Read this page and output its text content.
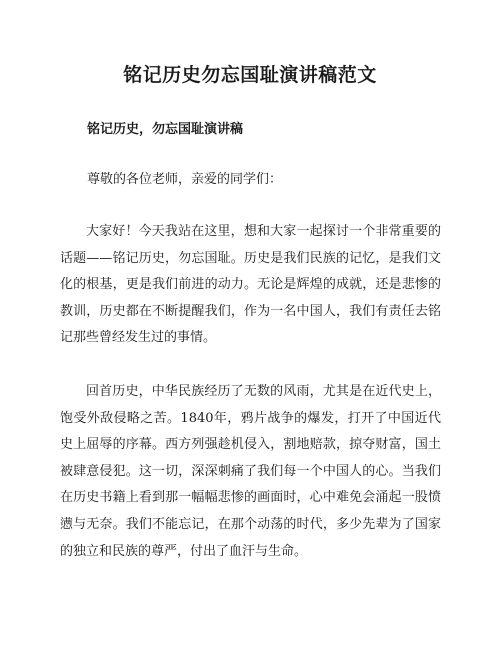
铭记历史勿忘国耻演讲稿范文

铭记历史，勿忘国耻演讲稿

尊敬的各位老师，亲爱的同学们：

大家好！今天我站在这里，想和大家一起探讨一个非常重要的话题——铭记历史，勿忘国耻。历史是我们民族的记忆，是我们文化的根基，更是我们前进的动力。无论是辉煌的成就，还是悲惨的教训，历史都在不断提醒我们，作为一名中国人，我们有责任去铭记那些曾经发生过的事情。

回首历史，中华民族经历了无数的风雨，尤其是在近代史上，饱受外敌侵略之苦。1840年，鸦片战争的爆发，打开了中国近代史上屈辱的序幕。西方列强趁机侵入，割地赔款，掠夺财富，国土被肆意侵犯。这一切，深深刺痛了我们每一个中国人的心。当我们在历史书籍上看到那一幅幅悲惨的画面时，心中难免会涌起一股愤懑与无奈。我们不能忘记，在那个动荡的时代，多少先辈为了国家的独立和民族的尊严，付出了血汗与生命。
